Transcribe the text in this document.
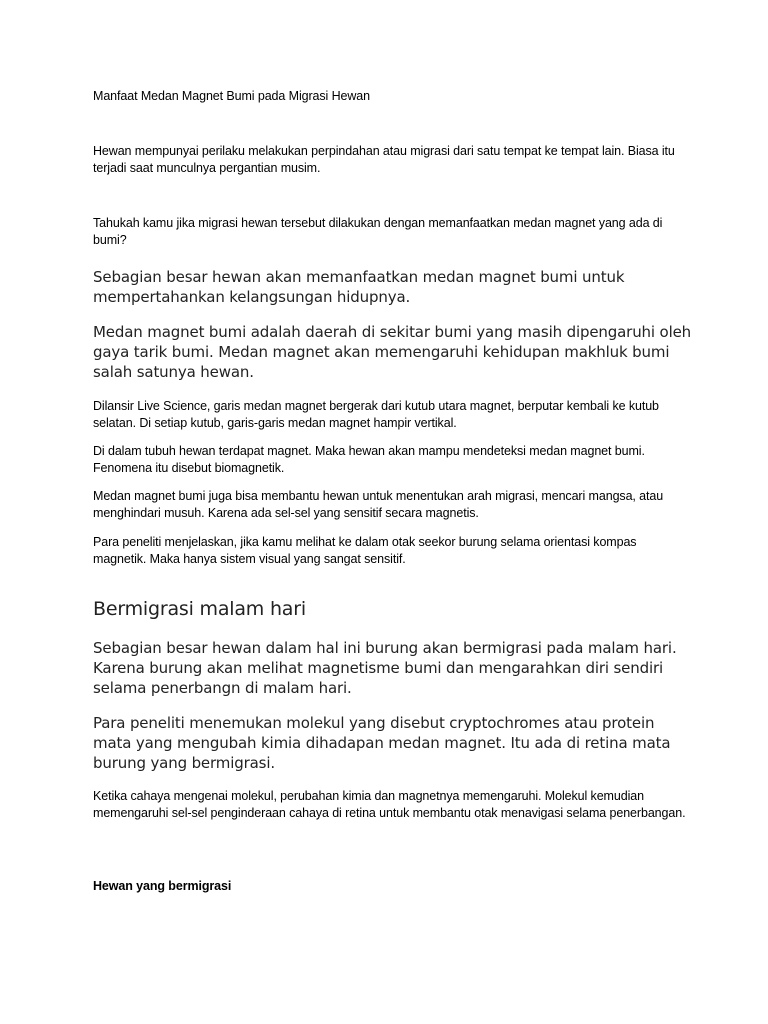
Manfaat Medan Magnet Bumi pada Migrasi Hewan

Hewan mempunyai perilaku melakukan perpindahan atau migrasi dari satu tempat ke tempat lain. Biasa itu terjadi saat munculnya pergantian musim.

Tahukah kamu jika migrasi hewan tersebut dilakukan dengan memanfaatkan medan magnet yang ada di bumi?

Sebagian besar hewan akan memanfaatkan medan magnet bumi untuk mempertahankan kelangsungan hidupnya.

Medan magnet bumi adalah daerah di sekitar bumi yang masih dipengaruhi oleh gaya tarik bumi. Medan magnet akan memengaruhi kehidupan makhluk bumi salah satunya hewan.

Dilansir Live Science, garis medan magnet bergerak dari kutub utara magnet, berputar kembali ke kutub selatan. Di setiap kutub, garis-garis medan magnet hampir vertikal.

Di dalam tubuh hewan terdapat magnet. Maka hewan akan mampu mendeteksi medan magnet bumi. Fenomena itu disebut biomagnetik.

Medan magnet bumi juga bisa membantu hewan untuk menentukan arah migrasi, mencari mangsa, atau menghindari musuh. Karena ada sel-sel yang sensitif secara magnetis.

Para peneliti menjelaskan, jika kamu melihat ke dalam otak seekor burung selama orientasi kompas magnetik. Maka hanya sistem visual yang sangat sensitif.

Bermigrasi malam hari

Sebagian besar hewan dalam hal ini burung akan bermigrasi pada malam hari. Karena burung akan melihat magnetisme bumi dan mengarahkan diri sendiri selama penerbangn di malam hari.

Para peneliti menemukan molekul yang disebut cryptochromes atau protein mata yang mengubah kimia dihadapan medan magnet. Itu ada di retina mata burung yang bermigrasi.

Ketika cahaya mengenai molekul, perubahan kimia dan magnetnya memengaruhi. Molekul kemudian memengaruhi sel-sel penginderaan cahaya di retina untuk membantu otak menavigasi selama penerbangan.

Hewan yang bermigrasi
